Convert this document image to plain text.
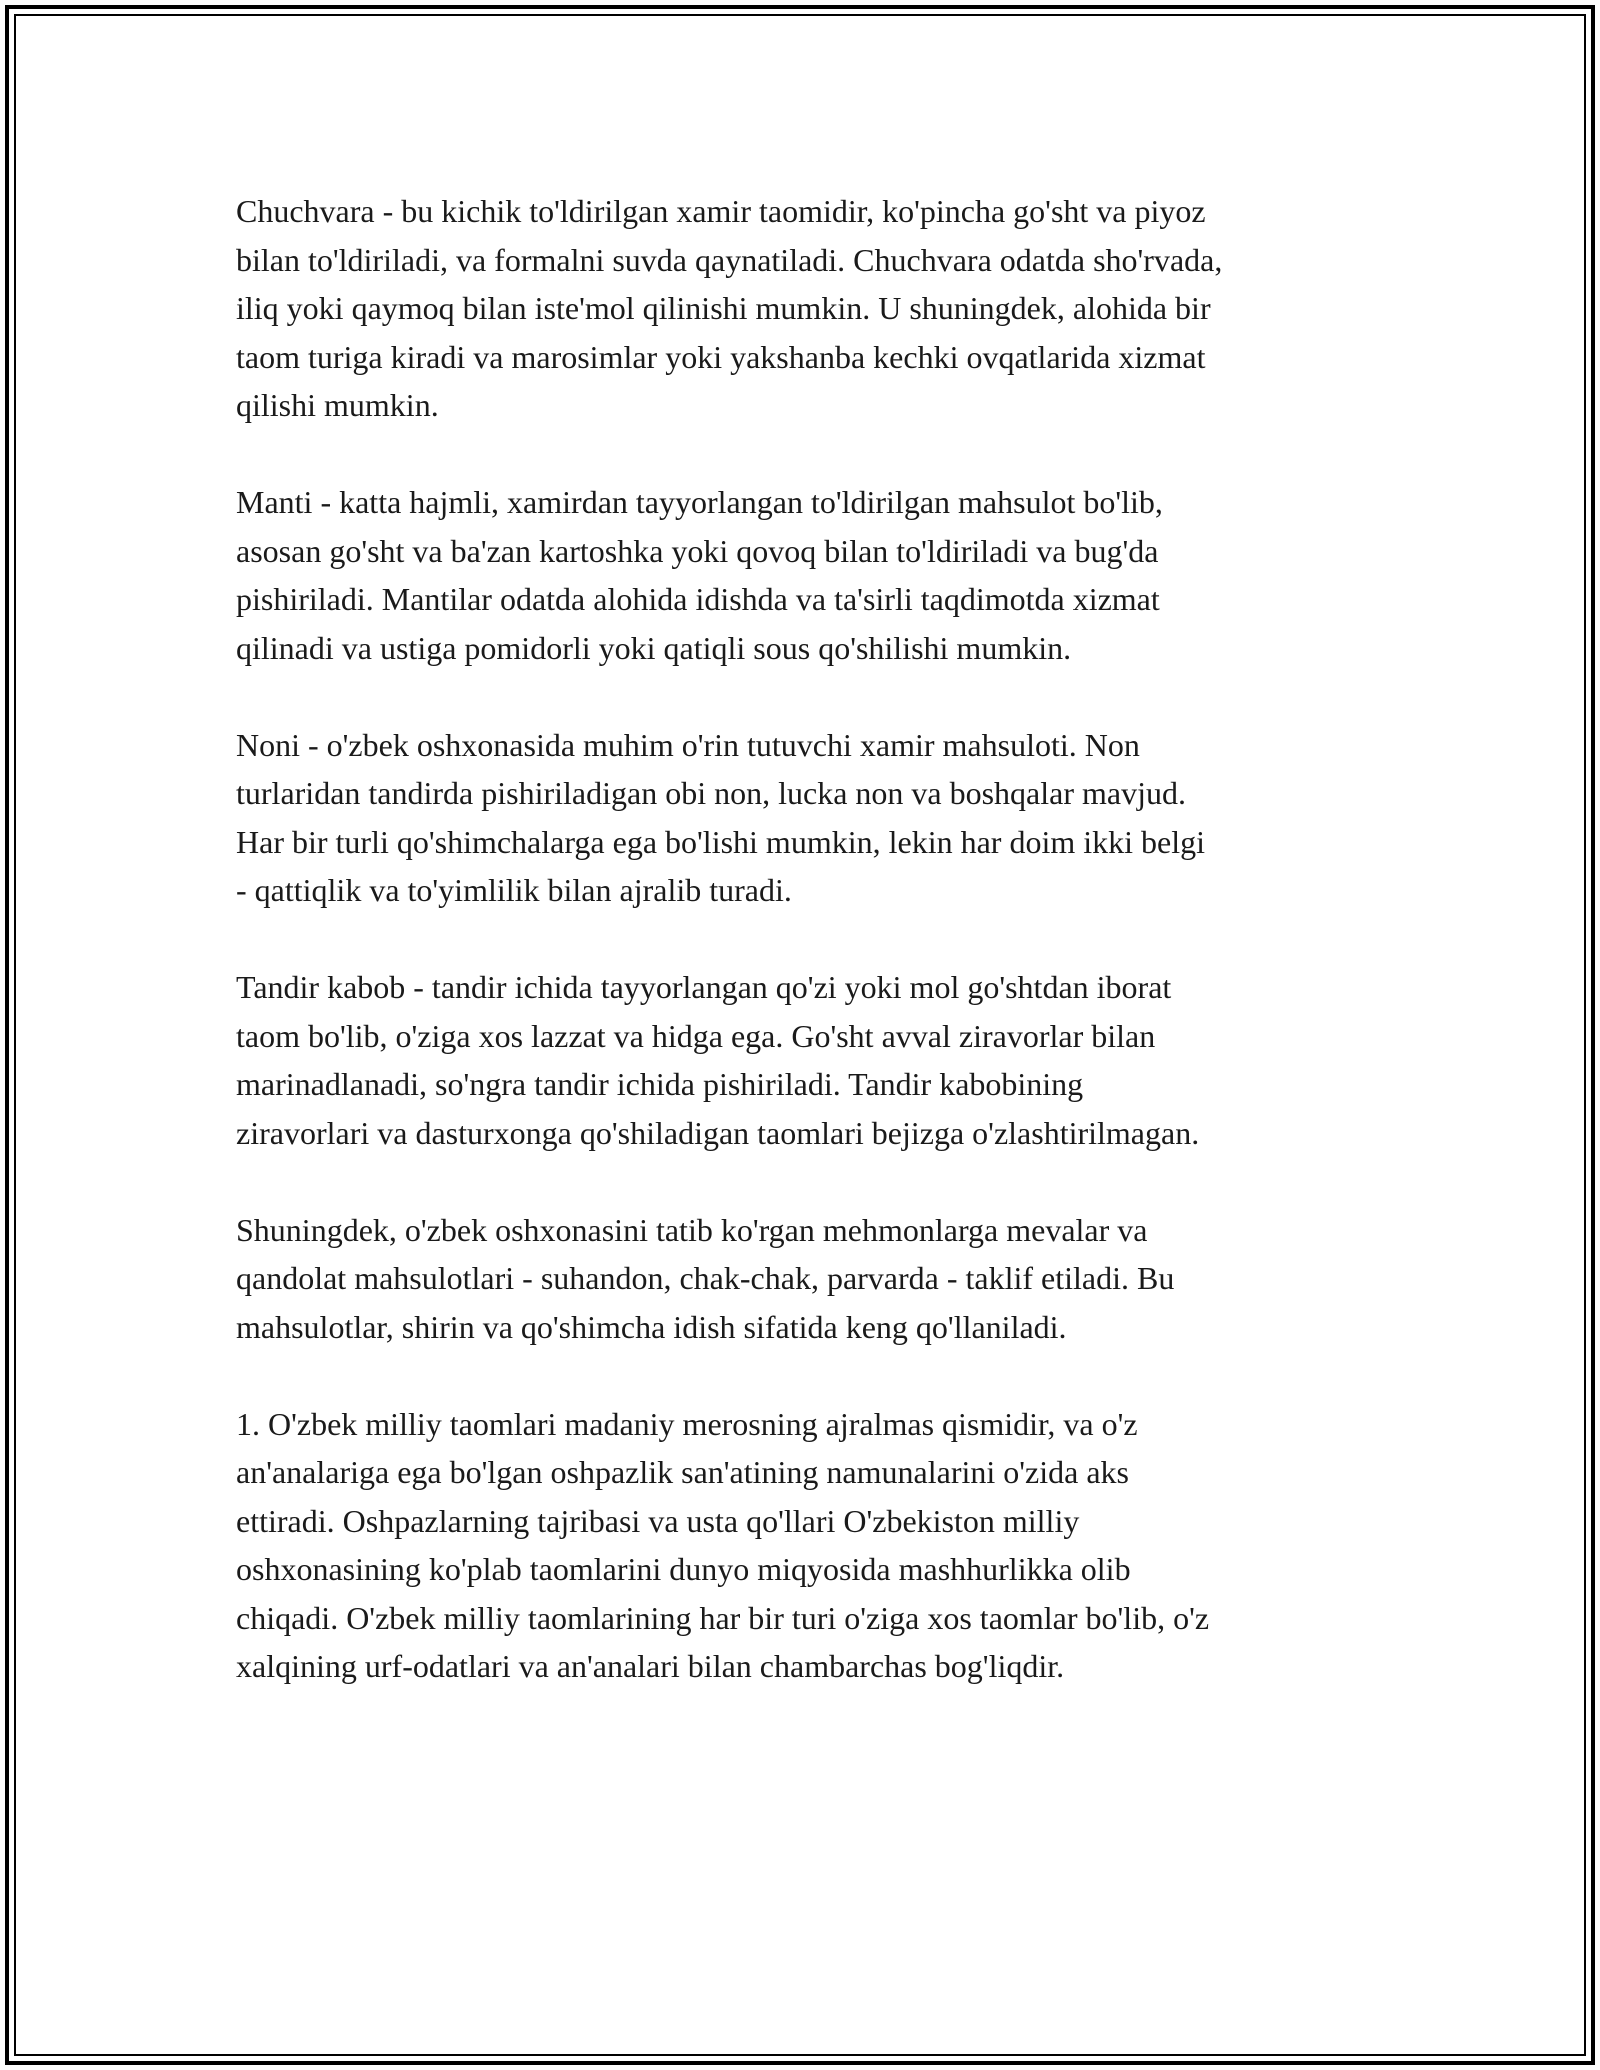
Chuchvara - bu kichik to'ldirilgan xamir taomidir, ko'pincha go'sht va piyoz
bilan to'ldiriladi, va formalni suvda qaynatiladi. Chuchvara odatda sho'rvada,
iliq yoki qaymoq bilan iste'mol qilinishi mumkin. U shuningdek, alohida bir
taom turiga kiradi va marosimlar yoki yakshanba kechki ovqatlarida xizmat
qilishi mumkin.

Manti - katta hajmli, xamirdan tayyorlangan to'ldirilgan mahsulot bo'lib,
asosan go'sht va ba'zan kartoshka yoki qovoq bilan to'ldiriladi va bug'da
pishiriladi. Mantilar odatda alohida idishda va ta'sirli taqdimotda xizmat
qilinadi va ustiga pomidorli yoki qatiqli sous qo'shilishi mumkin.

Noni - o'zbek oshxonasida muhim o'rin tutuvchi xamir mahsuloti. Non
turlaridan tandirda pishiriladigan obi non, lucka non va boshqalar mavjud.
Har bir turli qo'shimchalarga ega bo'lishi mumkin, lekin har doim ikki belgi
- qattiqlik va to'yimlilik bilan ajralib turadi.

Tandir kabob - tandir ichida tayyorlangan qo'zi yoki mol go'shtdan iborat
taom bo'lib, o'ziga xos lazzat va hidga ega. Go'sht avval ziravorlar bilan
marinadlanadi, so'ngra tandir ichida pishiriladi. Tandir kabobining
ziravorlari va dasturxonga qo'shiladigan taomlari bejizga o'zlashtirilmagan.

Shuningdek, o'zbek oshxonasini tatib ko'rgan mehmonlarga mevalar va
qandolat mahsulotlari - suhandon, chak-chak, parvarda - taklif etiladi. Bu
mahsulotlar, shirin va qo'shimcha idish sifatida keng qo'llaniladi.

1. O'zbek milliy taomlari madaniy merosning ajralmas qismidir, va o'z
an'analariga ega bo'lgan oshpazlik san'atining namunalarini o'zida aks
ettiradi. Oshpazlarning tajribasi va usta qo'llari O'zbekiston milliy
oshxonasining ko'plab taomlarini dunyo miqyosida mashhurlikka olib
chiqadi. O'zbek milliy taomlarining har bir turi o'ziga xos taomlar bo'lib, o'z
xalqining urf-odatlari va an'analari bilan chambarchas bog'liqdir.
